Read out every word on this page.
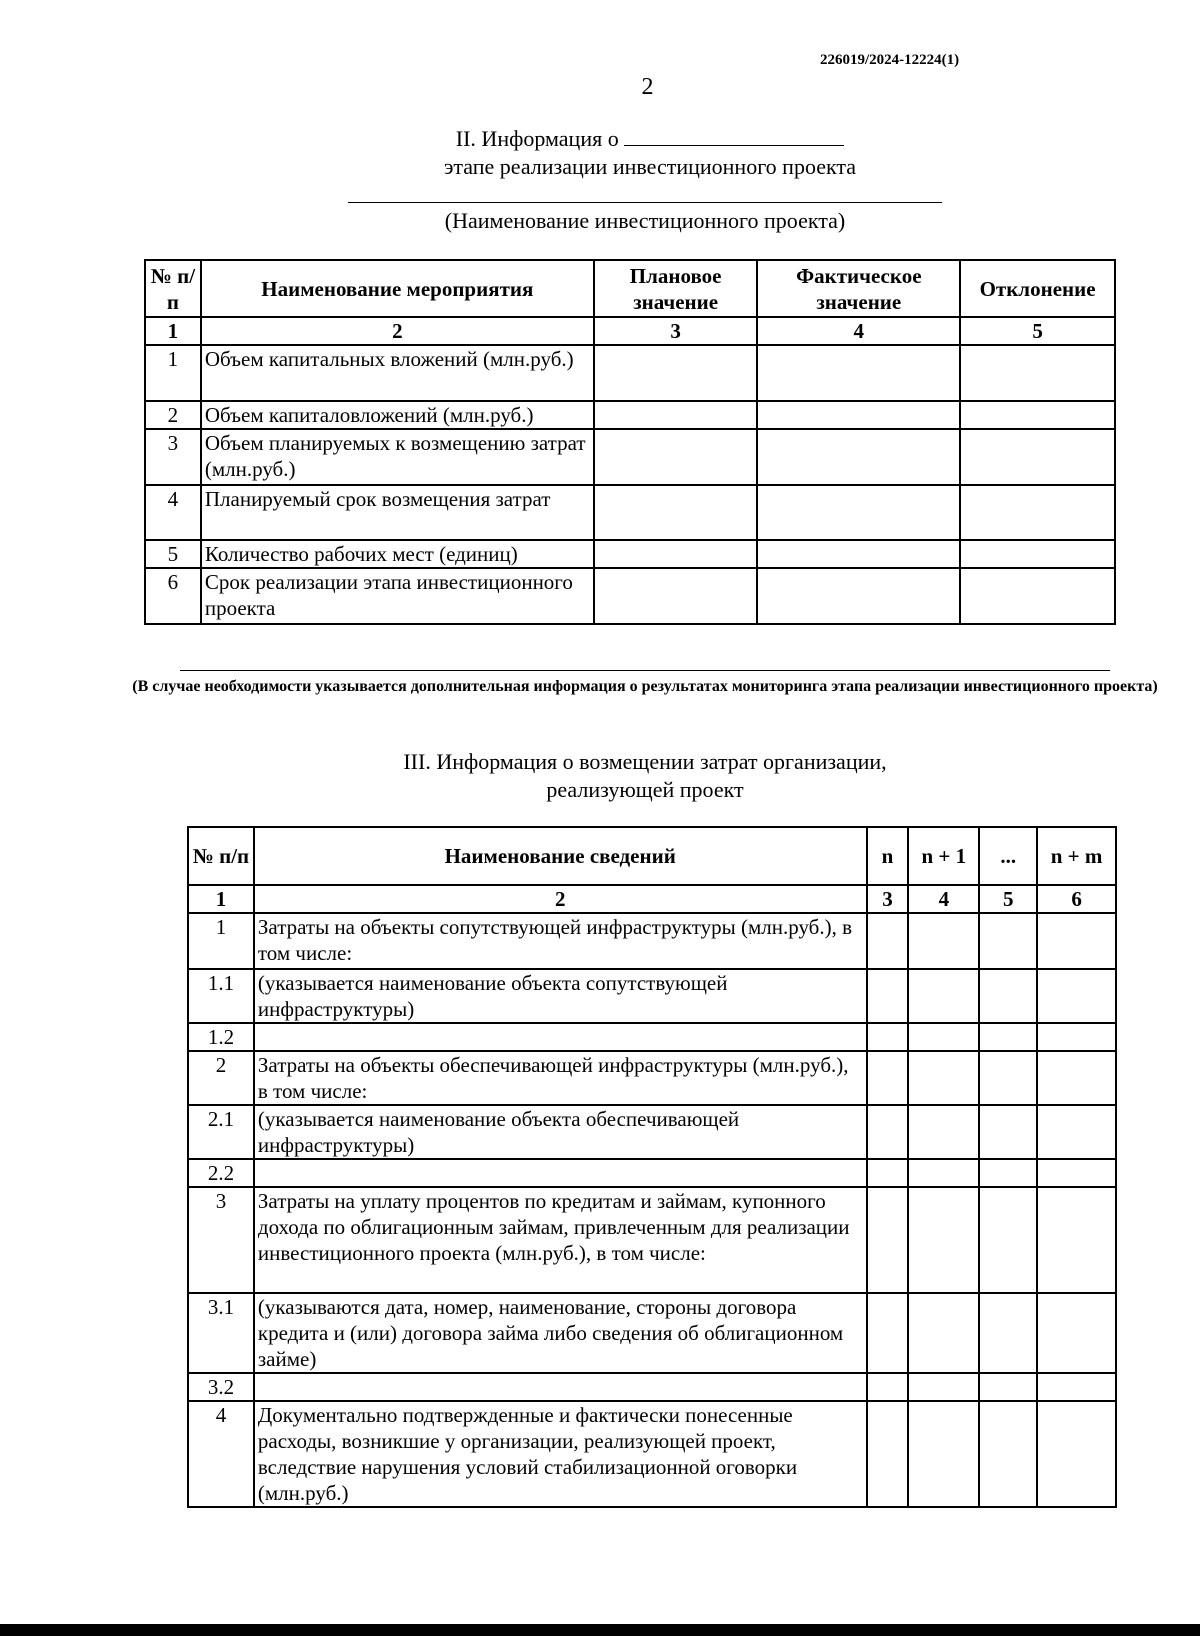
226019/2024-12224(1)
2
II. Информация о
этапе реализации инвестиционного проекта
(Наименование инвестиционного проекта)
№ п/п	Наименование мероприятия	Плановое значение	Фактическое значение	Отклонение
1	2	3	4	5
1	Объем капитальных вложений (млн.руб.)			
2	Объем капиталовложений (млн.руб.)			
3	Объем планируемых к возмещению затрат (млн.руб.)			
4	Планируемый срок возмещения затрат			
5	Количество рабочих мест (единиц)			
6	Срок реализации этапа инвестиционного проекта			
(В случае необходимости указывается дополнительная информация о результатах мониторинга этапа реализации инвестиционного проекта)
III. Информация о возмещении затрат организации,
реализующей проект
№ п/п	Наименование сведений	n	n + 1	...	n + m
1	2	3	4	5	6
1	Затраты на объекты сопутствующей инфраструктуры (млн.руб.), в том числе:				
1.1	(указывается наименование объекта сопутствующей инфраструктуры)				
1.2					
2	Затраты на объекты обеспечивающей инфраструктуры (млн.руб.), в том числе:				
2.1	(указывается наименование объекта обеспечивающей инфраструктуры)				
2.2					
3	Затраты на уплату процентов по кредитам и займам, купонного дохода по облигационным займам, привлеченным для реализации инвестиционного проекта (млн.руб.), в том числе:				
3.1	(указываются дата, номер, наименование, стороны договора кредита и (или) договора займа либо сведения об облигационном займе)				
3.2					
4	Документально подтвержденные и фактически понесенные расходы, возникшие у организации, реализующей проект, вследствие нарушения условий стабилизационной оговорки (млн.руб.)				
